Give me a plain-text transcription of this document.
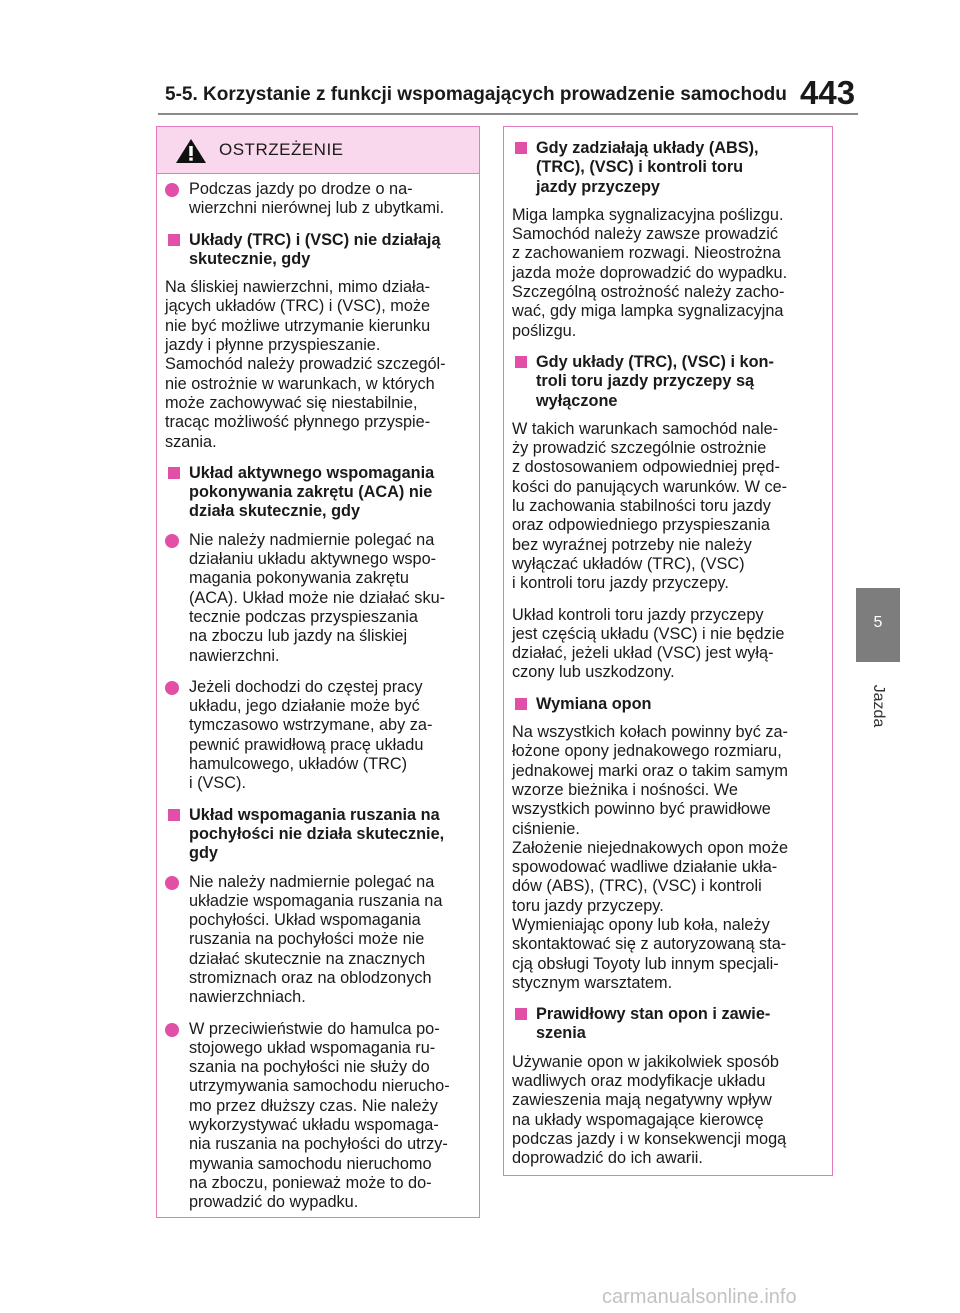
5-5. Korzystanie z funkcji wspomagających prowadzenie samochodu 443
OSTRZEŻENIE
Podczas jazdy po drodze o na-
wierzchni nierównej lub z ubytkami.
Układy (TRC) i (VSC) nie działają
skutecznie, gdy
Na śliskiej nawierzchni, mimo działa-
jących układów (TRC) i (VSC), może
nie być możliwe utrzymanie kierunku
jazdy i płynne przyspieszanie.
Samochód należy prowadzić szczegól-
nie ostrożnie w warunkach, w których
może zachowywać się niestabilnie,
tracąc możliwość płynnego przyspie-
szania.
Układ aktywnego wspomagania
pokonywania zakrętu (ACA) nie
działa skutecznie, gdy
Nie należy nadmiernie polegać na
działaniu układu aktywnego wspo-
magania pokonywania zakrętu
(ACA). Układ może nie działać sku-
tecznie podczas przyspieszania
na zboczu lub jazdy na śliskiej
nawierzchni.
Jeżeli dochodzi do częstej pracy
układu, jego działanie może być
tymczasowo wstrzymane, aby za-
pewnić prawidłową pracę układu
hamulcowego, układów (TRC)
i (VSC).
Układ wspomagania ruszania na
pochyłości nie działa skutecznie,
gdy
Nie należy nadmiernie polegać na
układzie wspomagania ruszania na
pochyłości. Układ wspomagania
ruszania na pochyłości może nie
działać skutecznie na znacznych
stromiznach oraz na oblodzonych
nawierzchniach.
W przeciwieństwie do hamulca po-
stojowego układ wspomagania ru-
szania na pochyłości nie służy do
utrzymywania samochodu nierucho-
mo przez dłuższy czas. Nie należy
wykorzystywać układu wspomaga-
nia ruszania na pochyłości do utrzy-
mywania samochodu nieruchomo
na zboczu, ponieważ może to do-
prowadzić do wypadku.
Gdy zadziałają układy (ABS),
(TRC), (VSC) i kontroli toru
jazdy przyczepy
Miga lampka sygnalizacyjna poślizgu.
Samochód należy zawsze prowadzić
z zachowaniem rozwagi. Nieostrożna
jazda może doprowadzić do wypadku.
Szczególną ostrożność należy zacho-
wać, gdy miga lampka sygnalizacyjna
poślizgu.
Gdy układy (TRC), (VSC) i kon-
troli toru jazdy przyczepy są
wyłączone
W takich warunkach samochód nale-
ży prowadzić szczególnie ostrożnie
z dostosowaniem odpowiedniej pręd-
kości do panujących warunków. W ce-
lu zachowania stabilności toru jazdy
oraz odpowiedniego przyspieszania
bez wyraźnej potrzeby nie należy
wyłączać układów (TRC), (VSC)
i kontroli toru jazdy przyczepy.
Układ kontroli toru jazdy przyczepy
jest częścią układu (VSC) i nie będzie
działać, jeżeli układ (VSC) jest wyłą-
czony lub uszkodzony.
Wymiana opon
Na wszystkich kołach powinny być za-
łożone opony jednakowego rozmiaru,
jednakowej marki oraz o takim samym
wzorze bieżnika i nośności. We
wszystkich powinno być prawidłowe
ciśnienie.
Założenie niejednakowych opon może
spowodować wadliwe działanie ukła-
dów (ABS), (TRC), (VSC) i kontroli
toru jazdy przyczepy.
Wymieniając opony lub koła, należy
skontaktować się z autoryzowaną sta-
cją obsługi Toyoty lub innym specjali-
stycznym warsztatem.
Prawidłowy stan opon i zawie-
szenia
Używanie opon w jakikolwiek sposób
wadliwych oraz modyfikacje układu
zawieszenia mają negatywny wpływ
na układy wspomagające kierowcę
podczas jazdy i w konsekwencji mogą
doprowadzić do ich awarii.
5
Jazda
carmanualsonline.info
